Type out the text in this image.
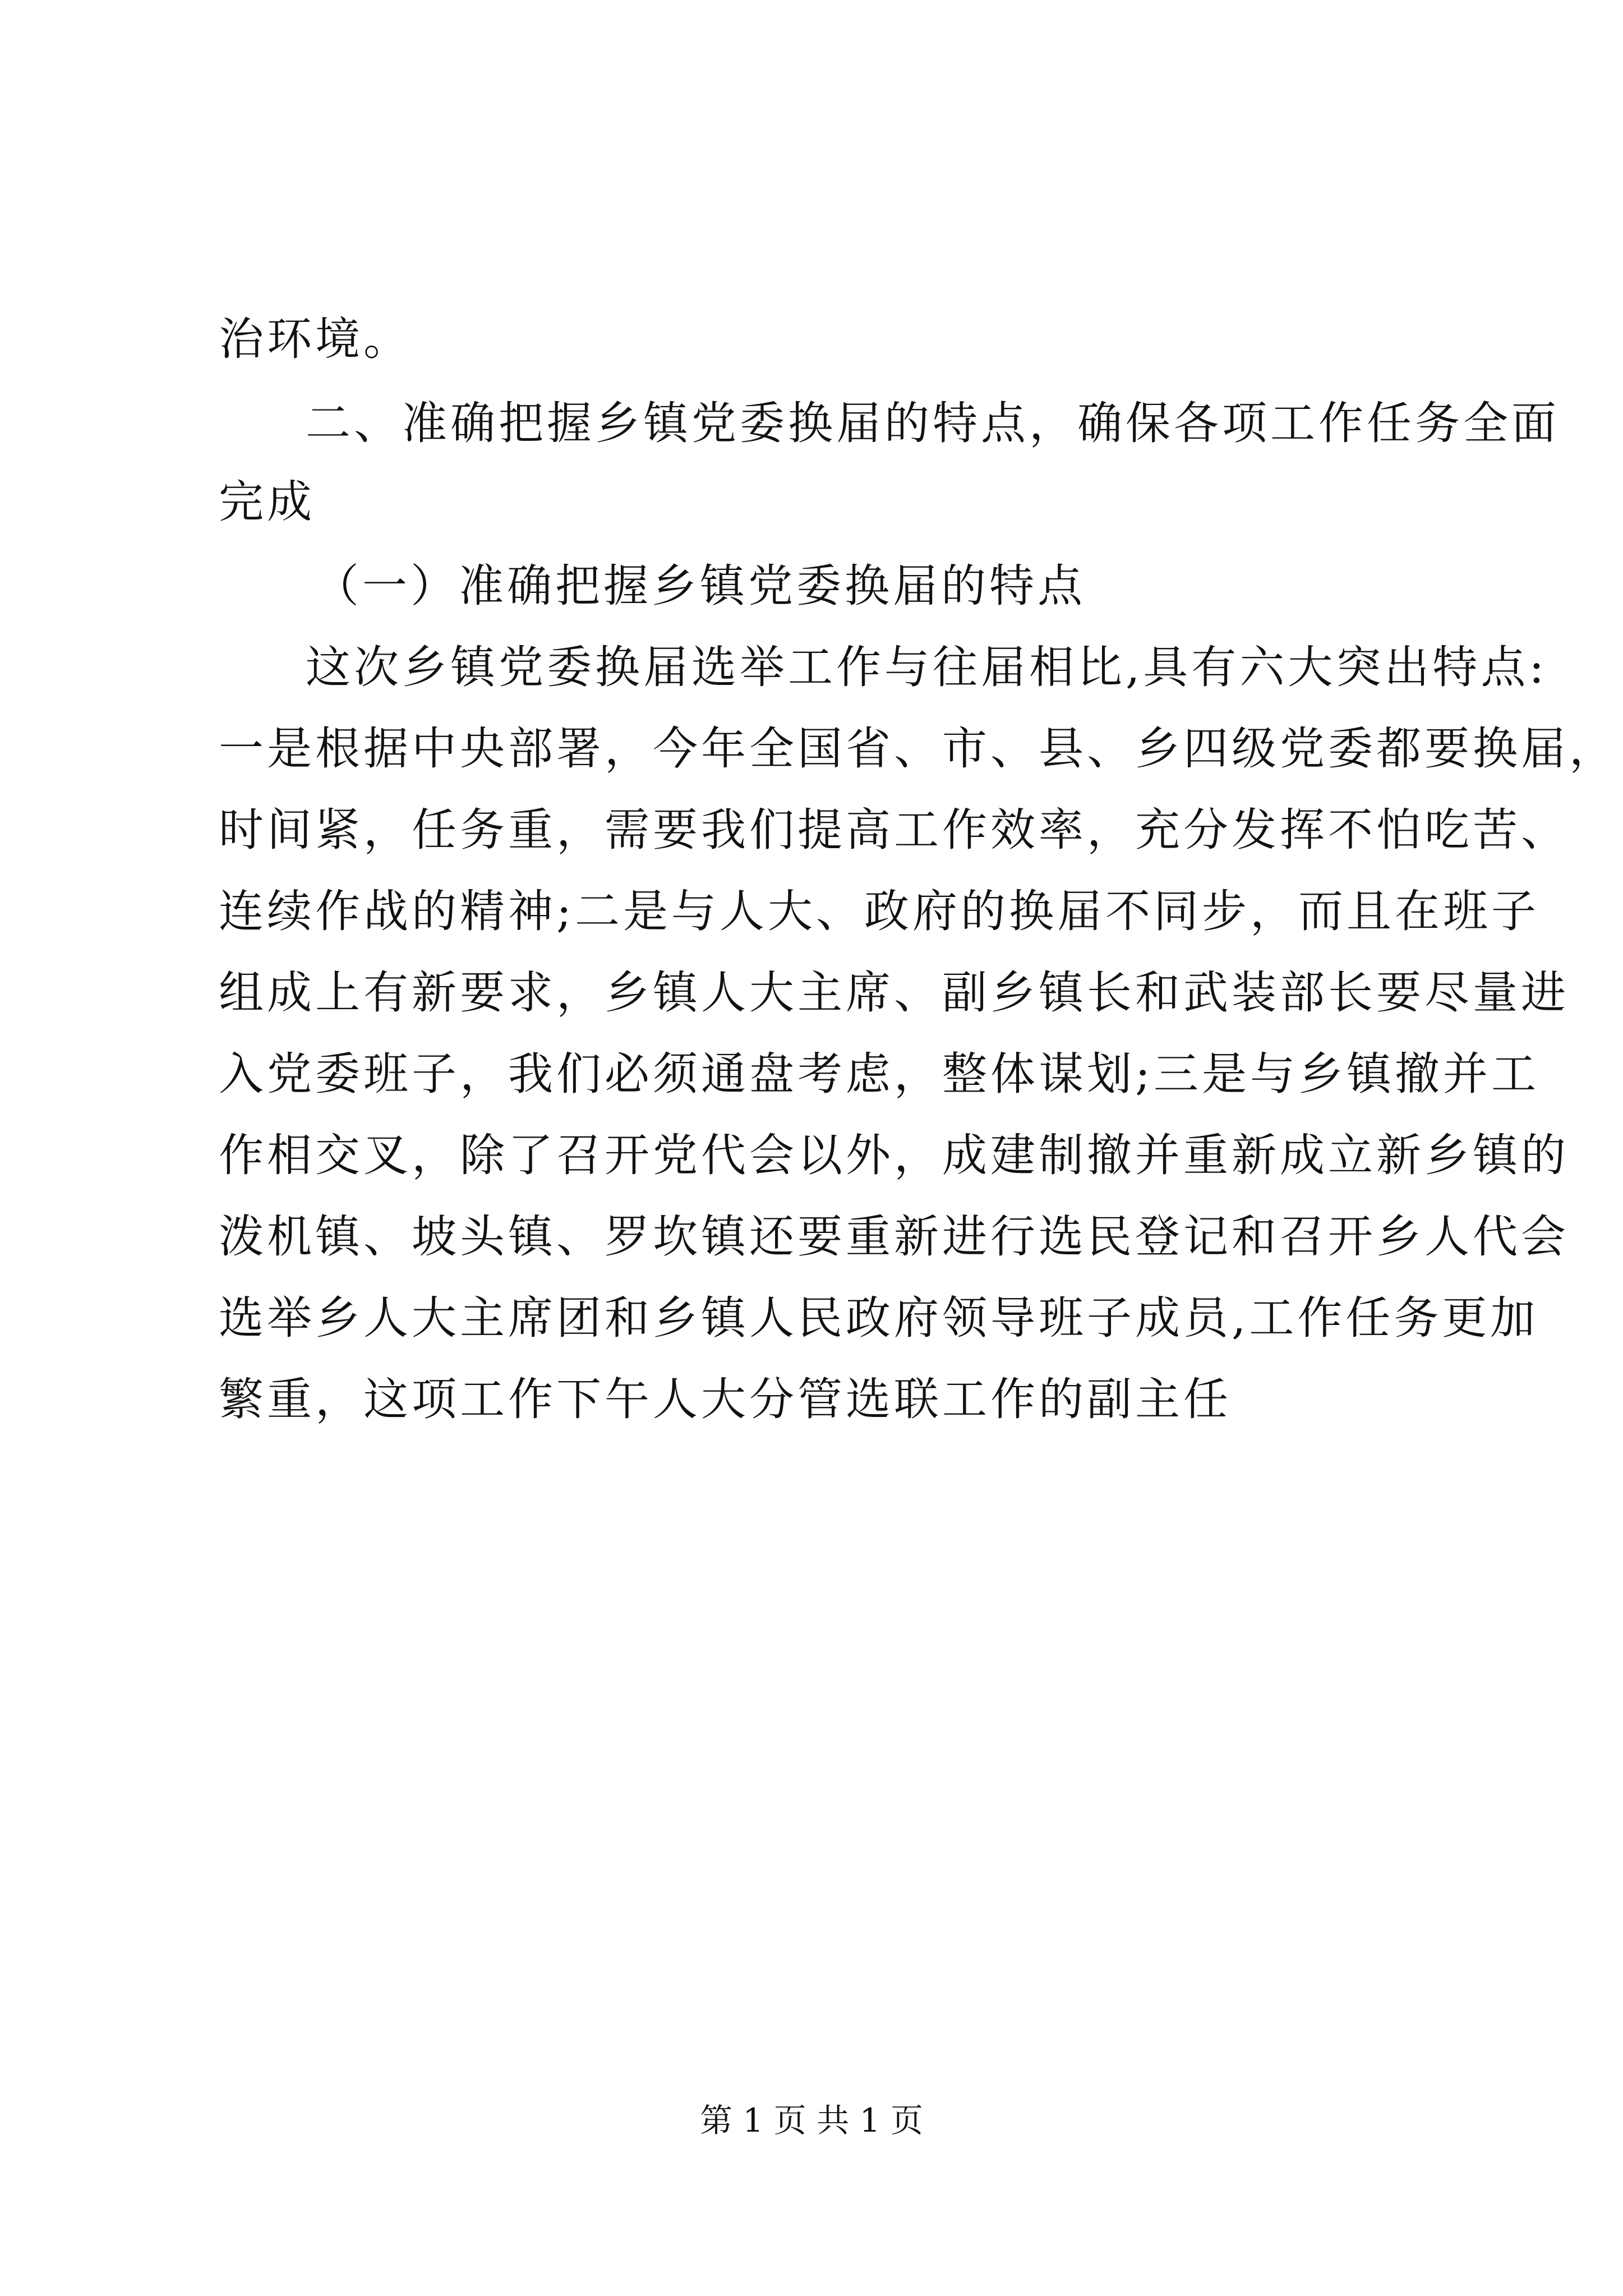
治环境。
二、准确把握乡镇党委换届的特点，确保各项工作任务全面
完成
（一）准确把握乡镇党委换届的特点
这次乡镇党委换届选举工作与往届相比,具有六大突出特点:
一是根据中央部署，今年全国省、市、县、乡四级党委都要换届，
时间紧，任务重，需要我们提高工作效率，充分发挥不怕吃苦、
连续作战的精神;二是与人大、政府的换届不同步，而且在班子
组成上有新要求，乡镇人大主席、副乡镇长和武装部长要尽量进
入党委班子，我们必须通盘考虑，整体谋划;三是与乡镇撤并工
作相交叉，除了召开党代会以外，成建制撤并重新成立新乡镇的
泼机镇、坡头镇、罗坎镇还要重新进行选民登记和召开乡人代会
选举乡人大主席团和乡镇人民政府领导班子成员,工作任务更加
繁重，这项工作下午人大分管选联工作的副主任
第 1 页 共 1 页
